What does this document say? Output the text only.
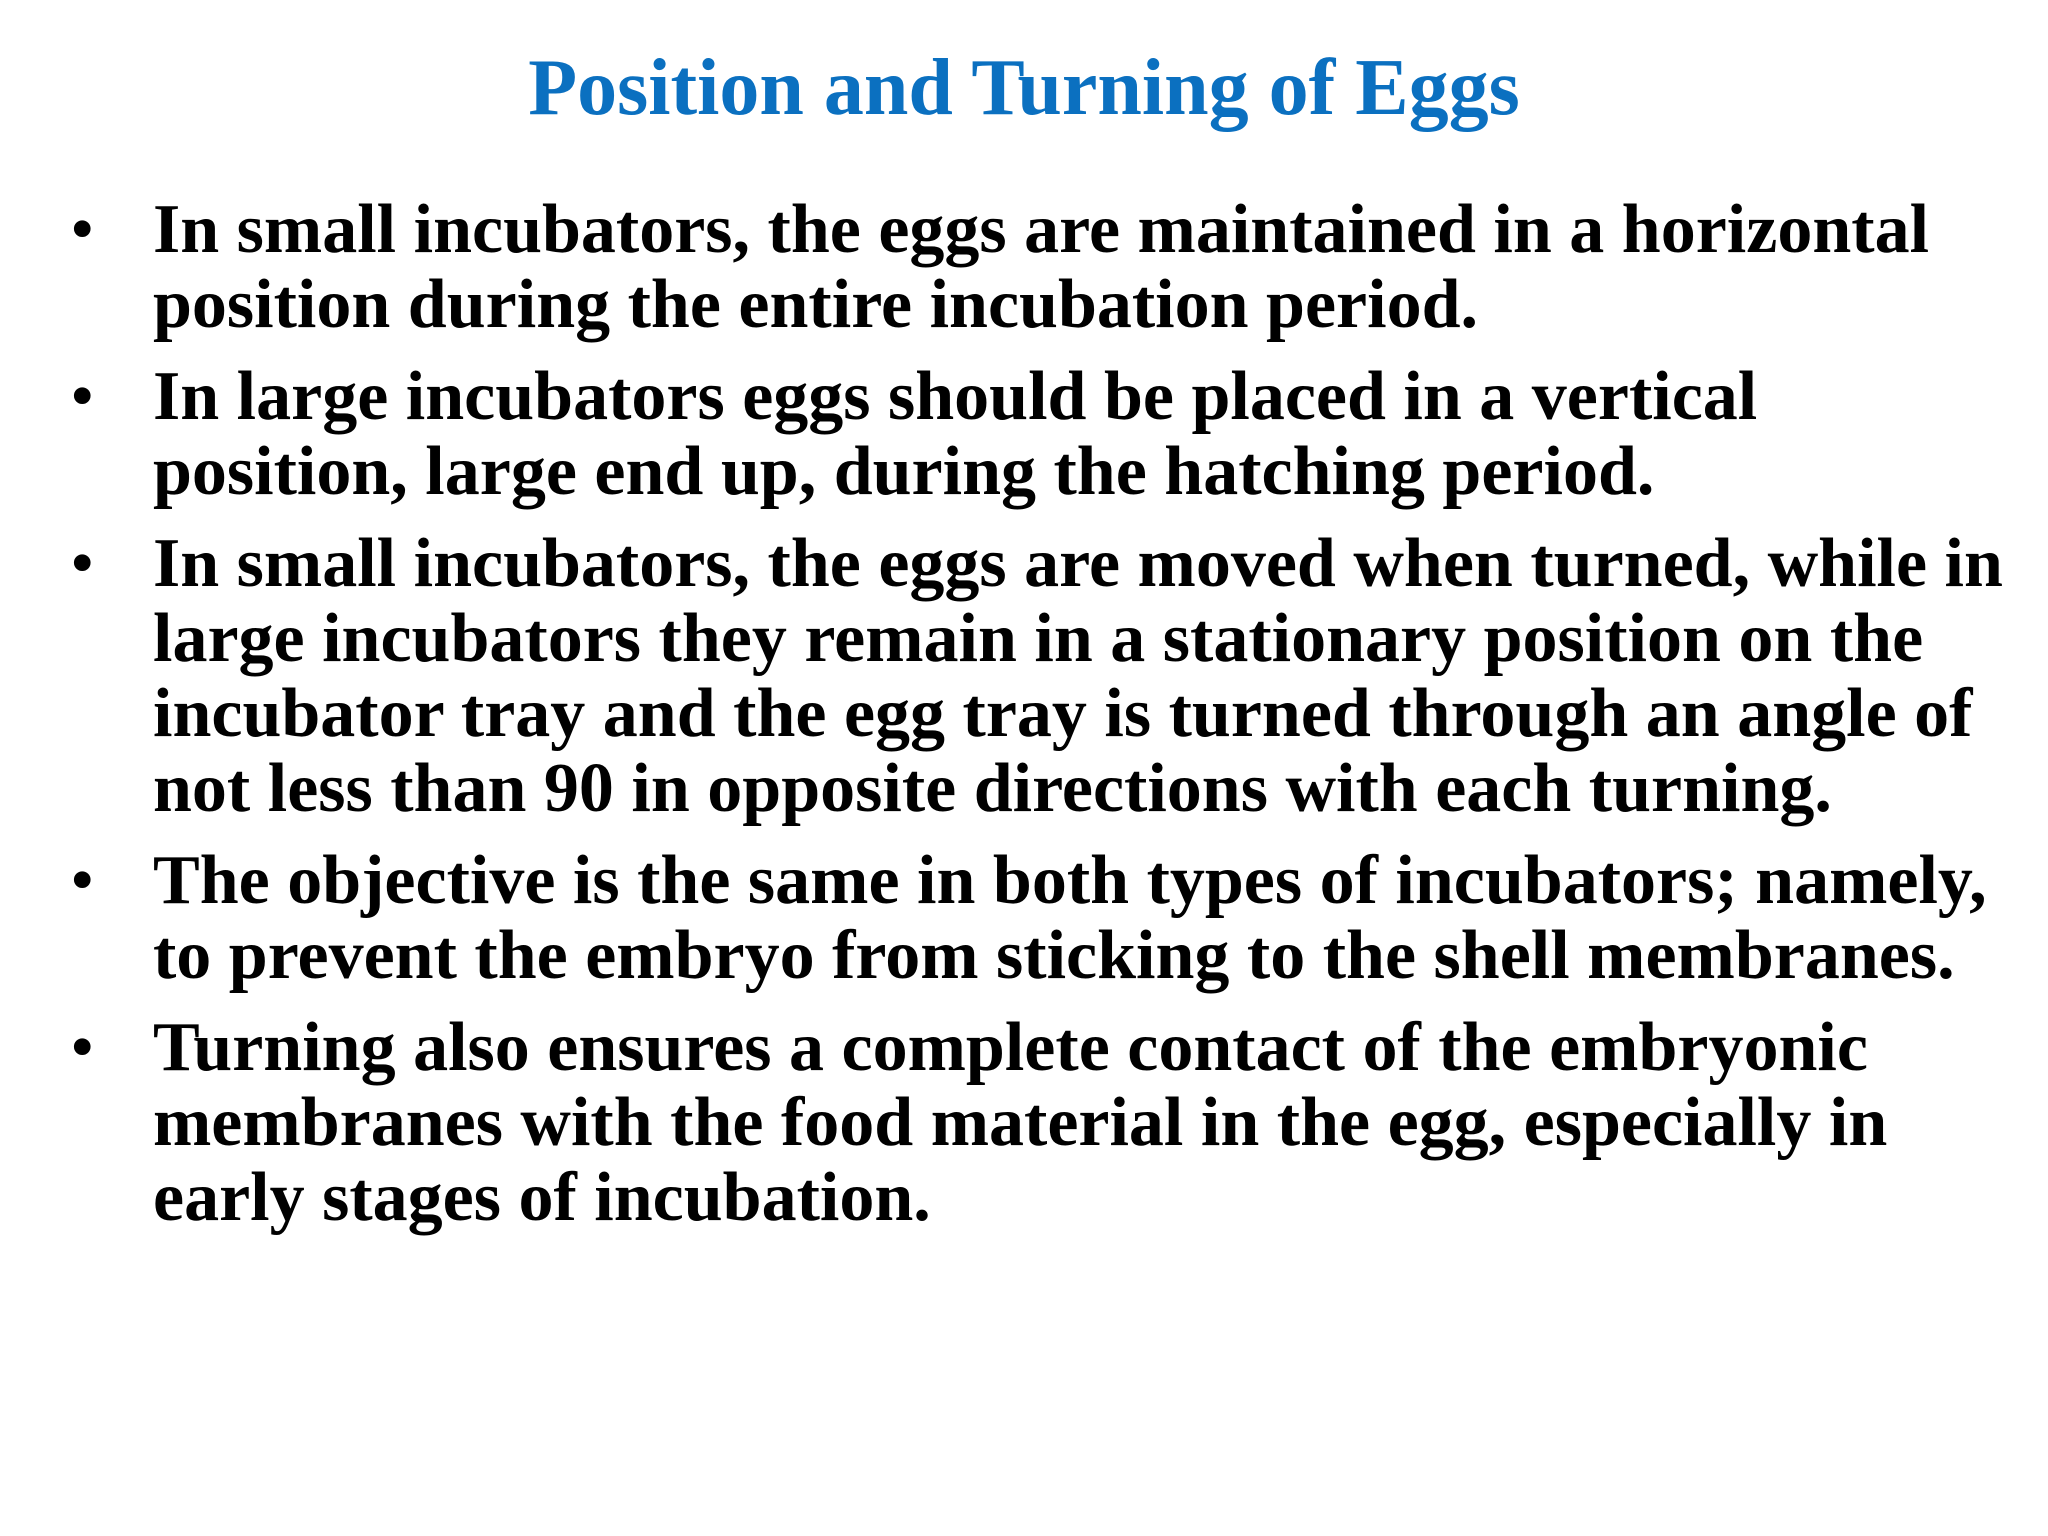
Position and Turning of Eggs
• In small incubators, the eggs are maintained in a horizontal position during the entire incubation period.
• In large incubators eggs should be placed in a vertical position, large end up, during the hatching period.
• In small incubators, the eggs are moved when turned, while in large incubators they remain in a stationary position on the incubator tray and the egg tray is turned through an angle of not less than 90 in opposite directions with each turning.
• The objective is the same in both types of incubators; namely, to prevent the embryo from sticking to the shell membranes.
• Turning also ensures a complete contact of the embryonic membranes with the food material in the egg, especially in early stages of incubation.
